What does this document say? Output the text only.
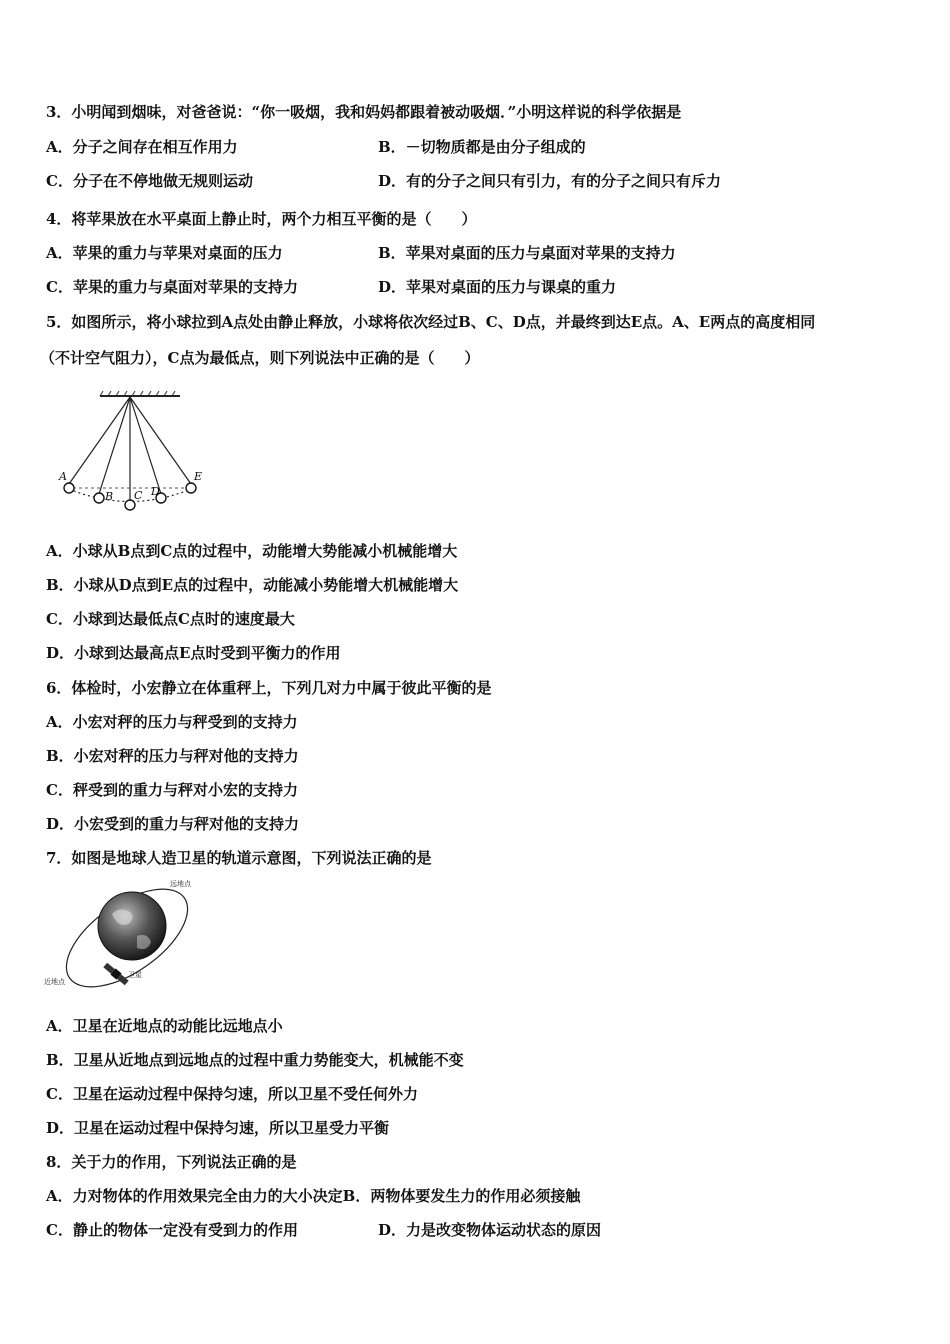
3．小明闻到烟味，对爸爸说：“你一吸烟，我和妈妈都跟着被动吸烟．”小明这样说的科学依据是
A．分子之间存在相互作用力	B．－切物质都是由分子组成的
C．分子在不停地做无规则运动	D．有的分子之间只有引力，有的分子之间只有斥力
4．将苹果放在水平桌面上静止时，两个力相互平衡的是（　　）
A．苹果的重力与苹果对桌面的压力	B．苹果对桌面的压力与桌面对苹果的支持力
C．苹果的重力与桌面对苹果的支持力	D．苹果对桌面的压力与课桌的重力
5．如图所示，将小球拉到A点处由静止释放，小球将依次经过B、C、D点，并最终到达E点。A、E两点的高度相同
（不计空气阻力），C点为最低点，则下列说法中正确的是（　　）
A
B C D
E
A．小球从B点到C点的过程中，动能增大势能减小机械能增大
B．小球从D点到E点的过程中，动能减小势能增大机械能增大
C．小球到达最低点C点时的速度最大
D．小球到达最高点E点时受到平衡力的作用
6．体检时，小宏静立在体重秤上，下列几对力中属于彼此平衡的是
A．小宏对秤的压力与秤受到的支持力
B．小宏对秤的压力与秤对他的支持力
C．秤受到的重力与秤对小宏的支持力
D．小宏受到的重力与秤对他的支持力
7．如图是地球人造卫星的轨道示意图，下列说法正确的是
远地点
近地点
卫星
A．卫星在近地点的动能比远地点小
B．卫星从近地点到远地点的过程中重力势能变大，机械能不变
C．卫星在运动过程中保持匀速，所以卫星不受任何外力
D．卫星在运动过程中保持匀速，所以卫星受力平衡
8．关于力的作用，下列说法正确的是
A．力对物体的作用效果完全由力的大小决定B．两物体要发生力的作用必须接触
C．静止的物体一定没有受到力的作用	D．力是改变物体运动状态的原因
